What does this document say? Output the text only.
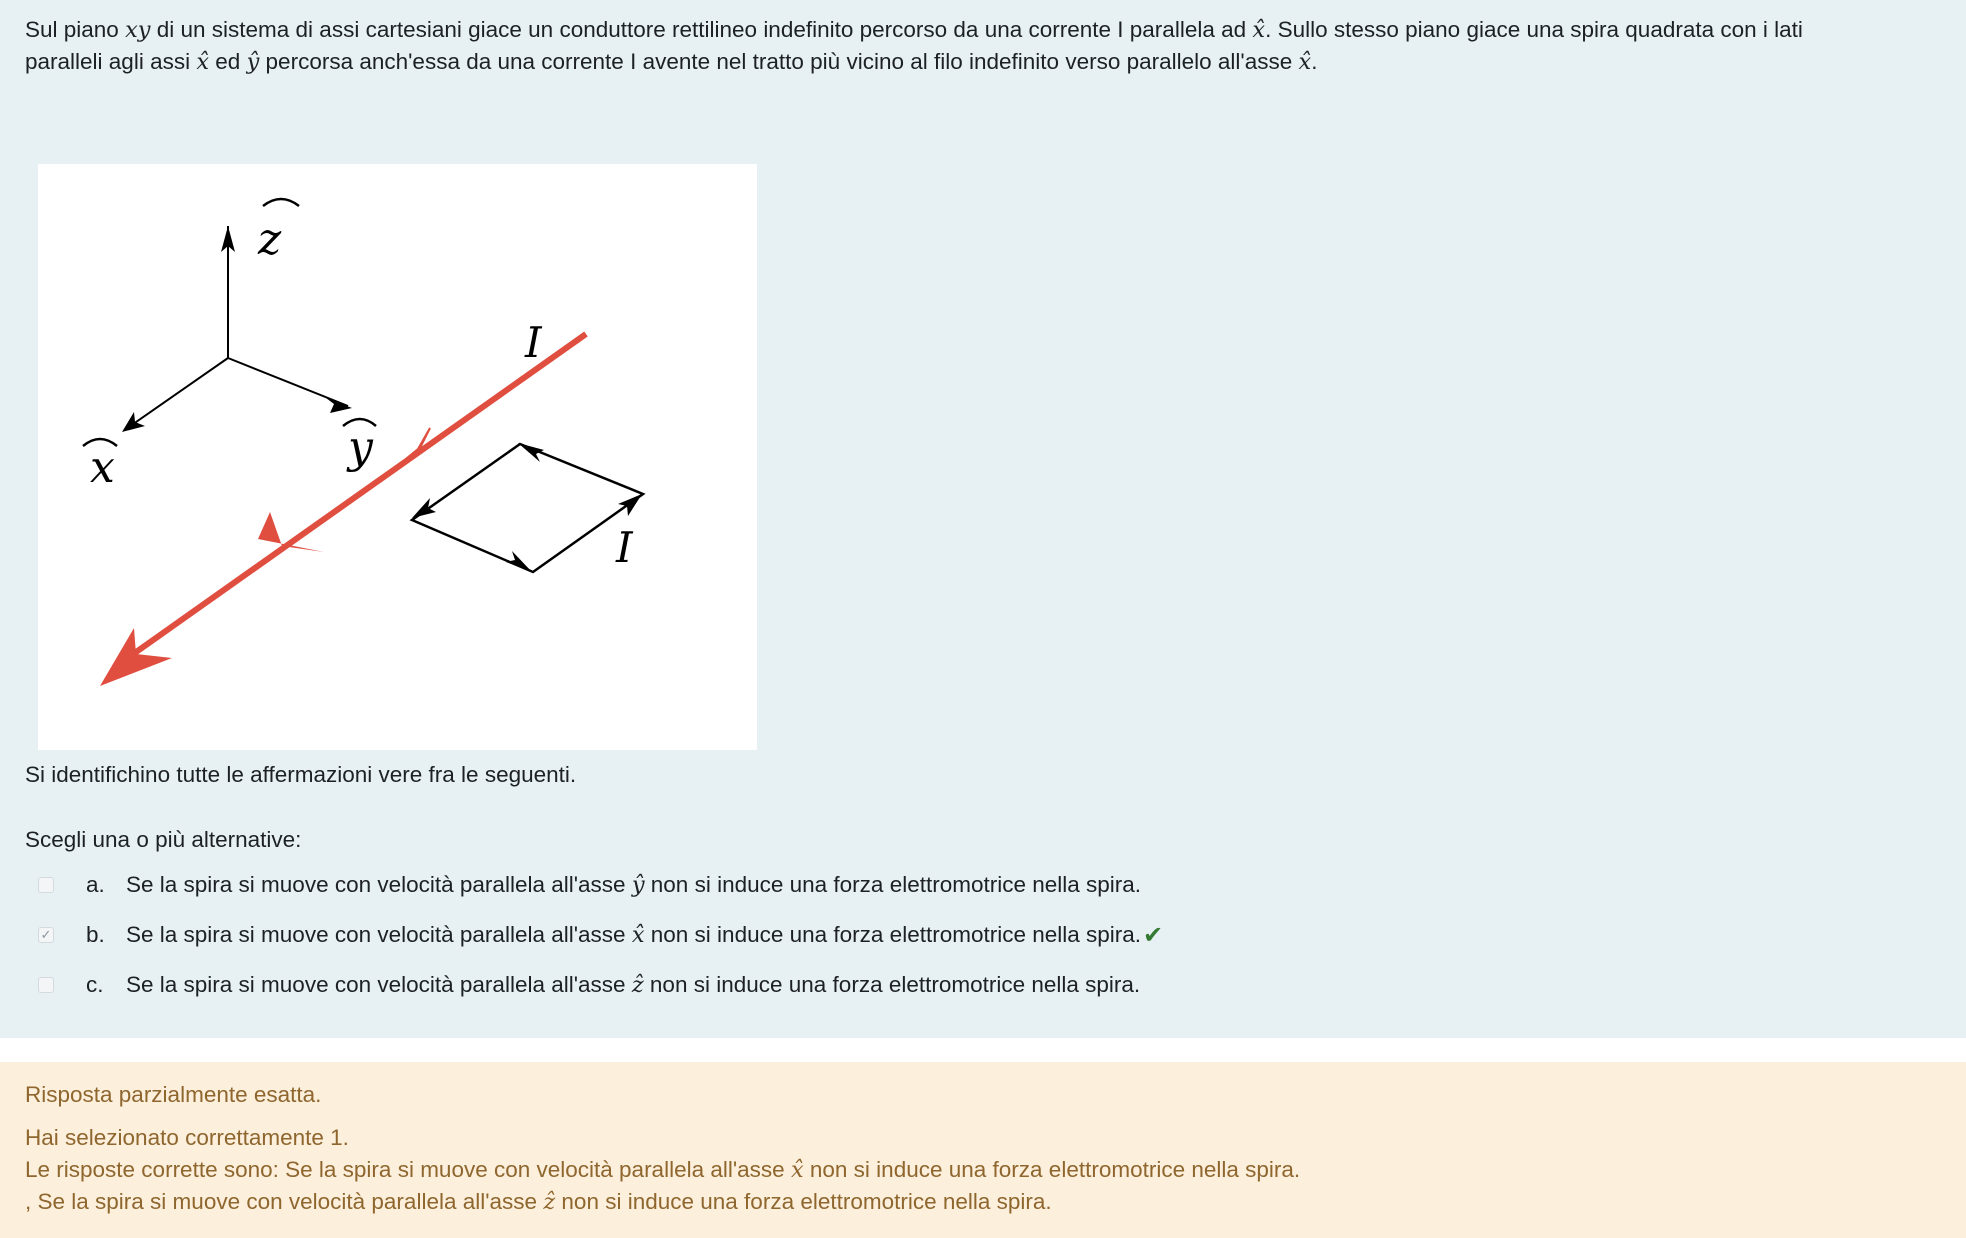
Sul piano xy di un sistema di assi cartesiani giace un conduttore rettilineo indefinito percorso da una corrente I parallela ad x̂. Sullo stesso piano giace una spira quadrata con i lati
paralleli agli assi x̂ ed ŷ percorsa anch'essa da una corrente I avente nel tratto più vicino al filo indefinito verso parallelo all'asse x̂.

z
x	y
I
I

Si identifichino tutte le affermazioni vere fra le seguenti.

Scegli una o più alternative:

a. Se la spira si muove con velocità parallela all'asse ŷ non si induce una forza elettromotrice nella spira.
✓ b. Se la spira si muove con velocità parallela all'asse x̂ non si induce una forza elettromotrice nella spira. ✔
c. Se la spira si muove con velocità parallela all'asse ẑ non si induce una forza elettromotrice nella spira.

Risposta parzialmente esatta.

Hai selezionato correttamente 1.

Le risposte corrette sono: Se la spira si muove con velocità parallela all'asse x̂ non si induce una forza elettromotrice nella spira.

, Se la spira si muove con velocità parallela all'asse ẑ non si induce una forza elettromotrice nella spira.
